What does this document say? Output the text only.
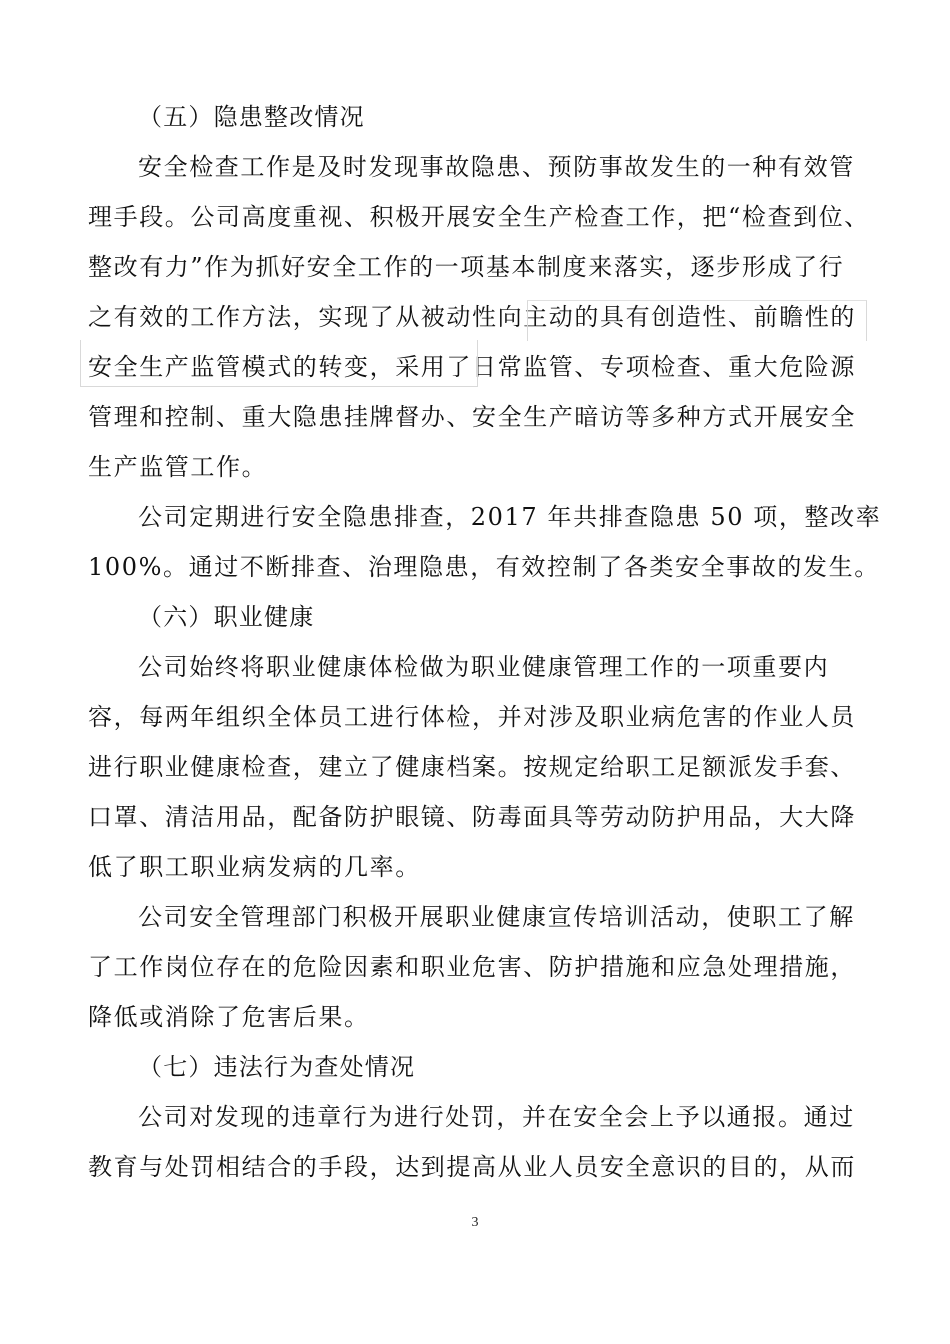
（五）隐患整改情况
安全检查工作是及时发现事故隐患、预防事故发生的一种有效管
理手段。公司高度重视、积极开展安全生产检查工作，把“检查到位、
整改有力”作为抓好安全工作的一项基本制度来落实，逐步形成了行
之有效的工作方法，实现了从被动性向主动的具有创造性、前瞻性的
安全生产监管模式的转变，采用了日常监管、专项检查、重大危险源
管理和控制、重大隐患挂牌督办、安全生产暗访等多种方式开展安全
生产监管工作。
公司定期进行安全隐患排查，2017 年共排查隐患 50 项，整改率
100%。通过不断排查、治理隐患，有效控制了各类安全事故的发生。
（六）职业健康
公司始终将职业健康体检做为职业健康管理工作的一项重要内
容，每两年组织全体员工进行体检，并对涉及职业病危害的作业人员
进行职业健康检查，建立了健康档案。按规定给职工足额派发手套、
口罩、清洁用品，配备防护眼镜、防毒面具等劳动防护用品，大大降
低了职工职业病发病的几率。
公司安全管理部门积极开展职业健康宣传培训活动，使职工了解
了工作岗位存在的危险因素和职业危害、防护措施和应急处理措施，
降低或消除了危害后果。
（七）违法行为查处情况
公司对发现的违章行为进行处罚，并在安全会上予以通报。通过
教育与处罚相结合的手段，达到提高从业人员安全意识的目的，从而
3
